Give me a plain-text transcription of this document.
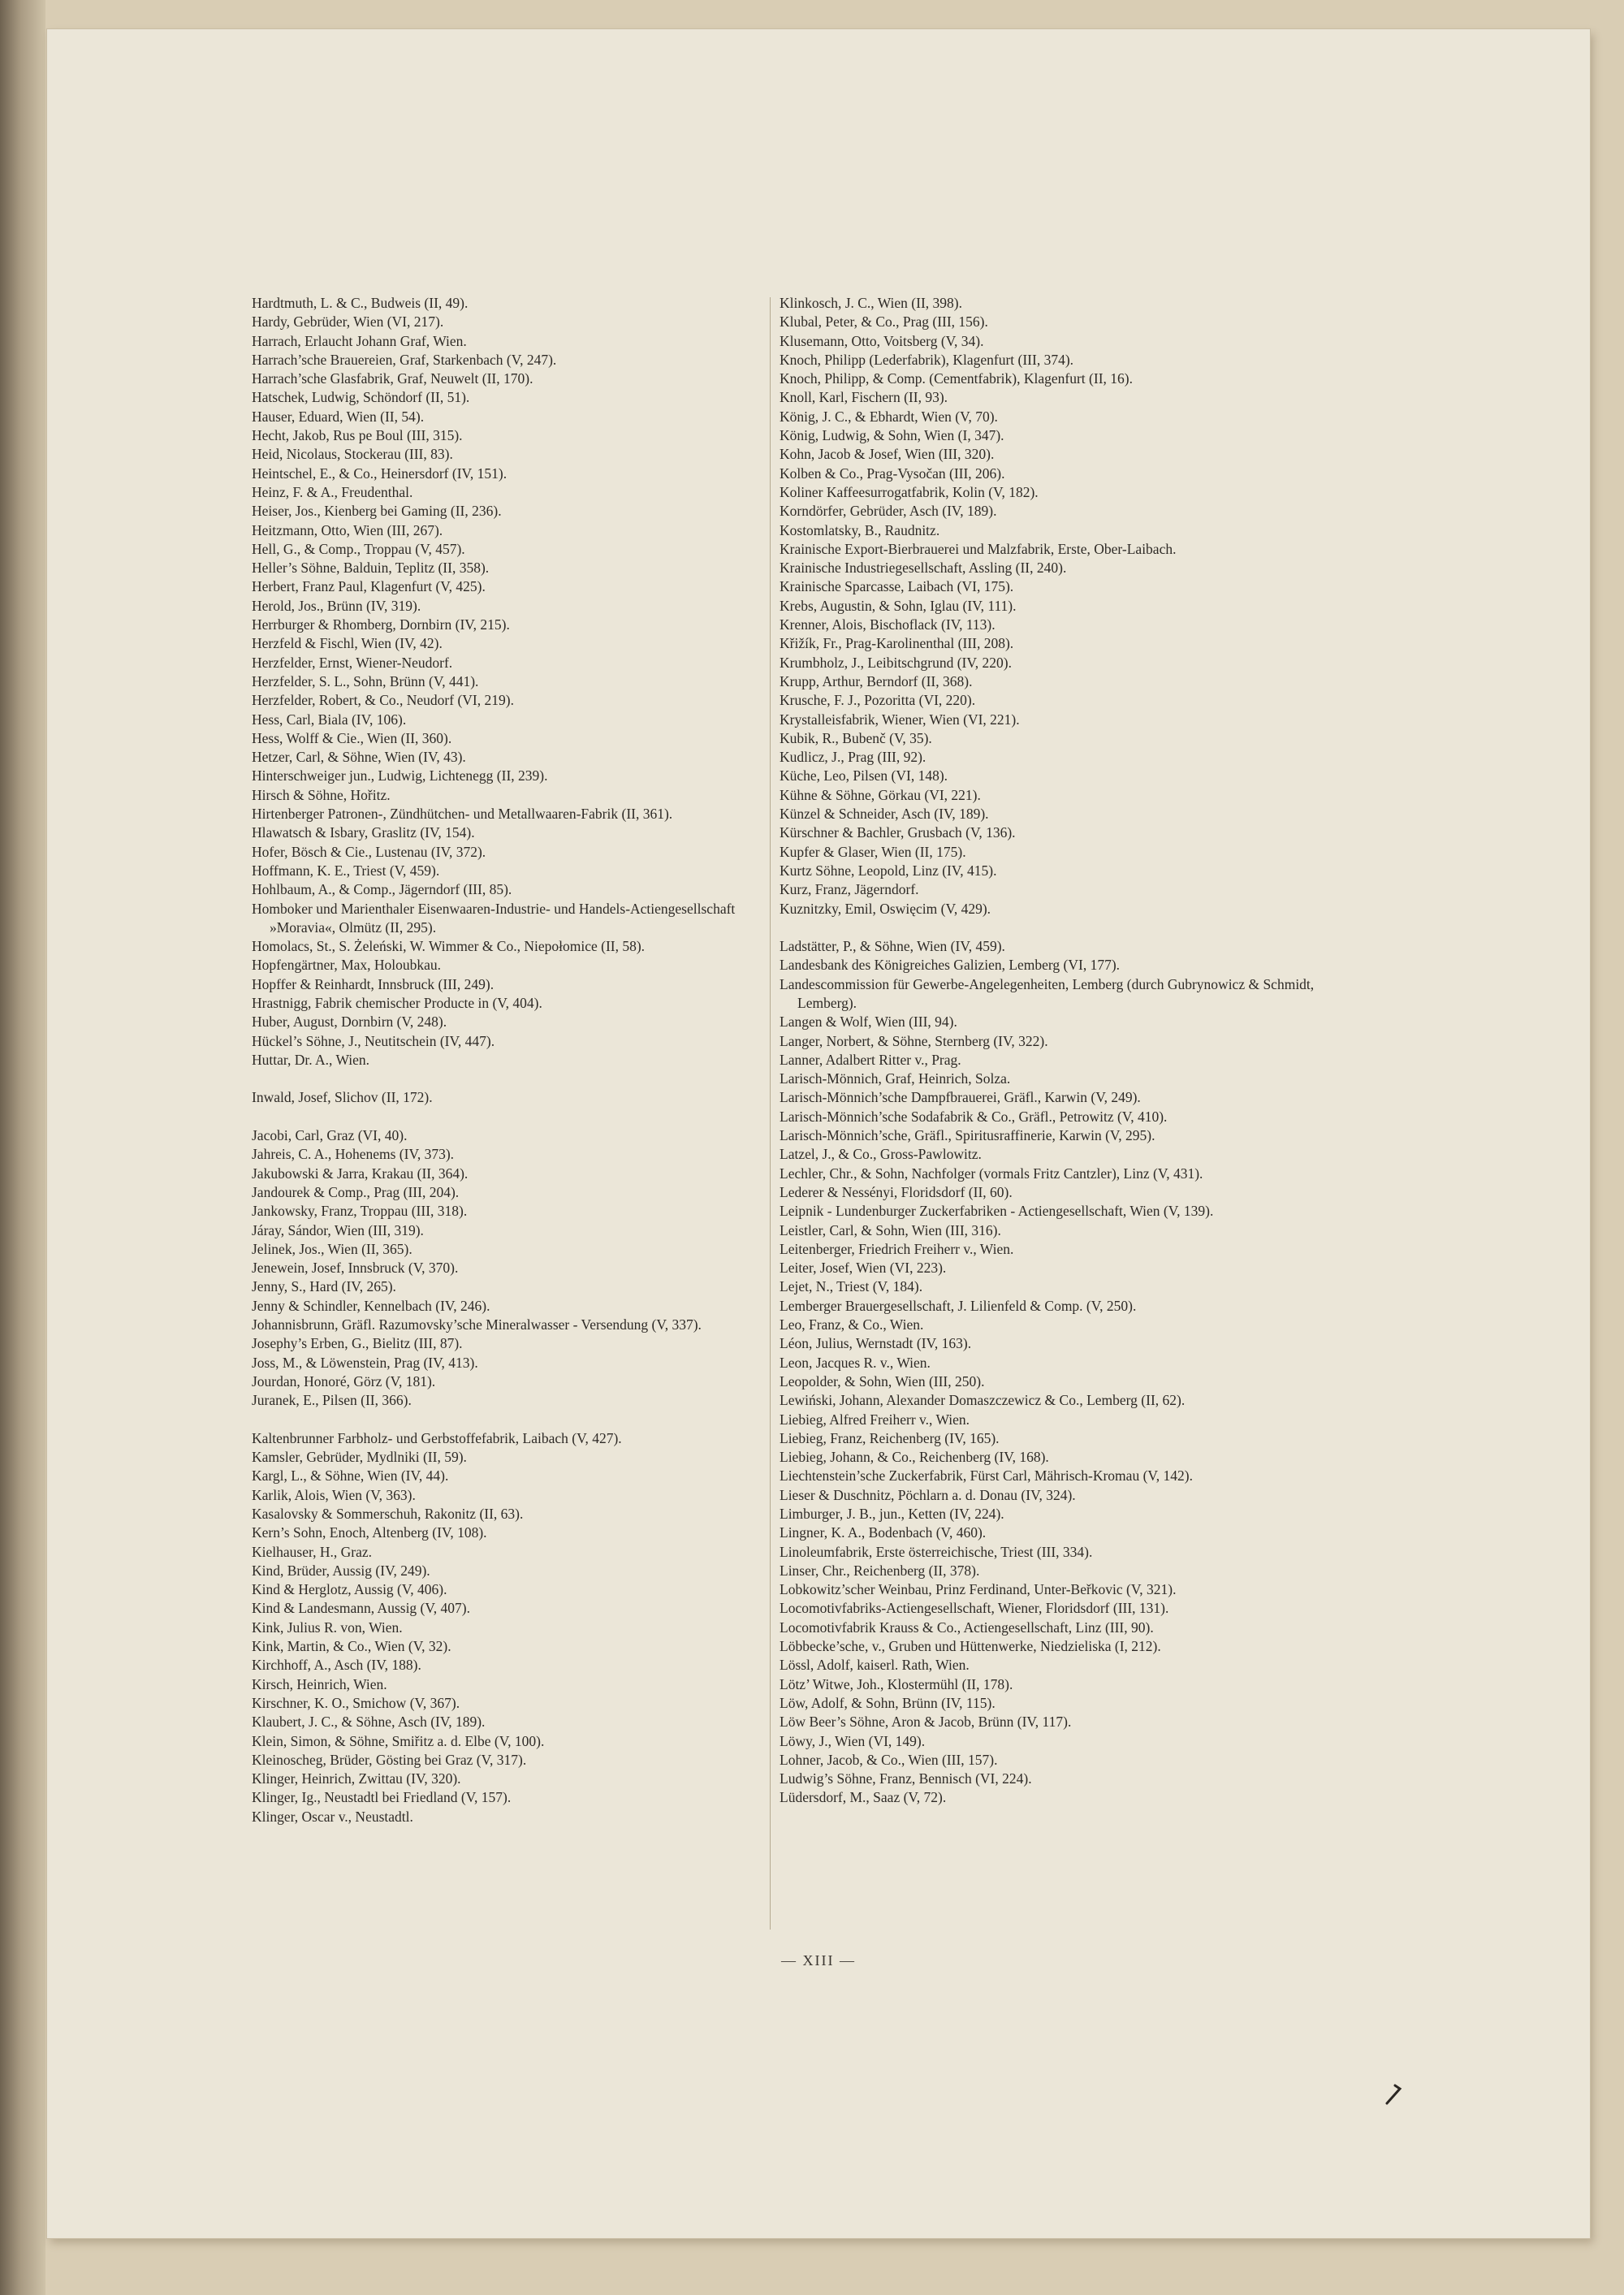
Hardtmuth, L. & C., Budweis (II, 49).
Hardy, Gebrüder, Wien (VI, 217).
Harrach, Erlaucht Johann Graf, Wien.
Harrach’sche Brauereien, Graf, Starkenbach (V, 247).
Harrach’sche Glasfabrik, Graf, Neuwelt (II, 170).
Hatschek, Ludwig, Schöndorf (II, 51).
Hauser, Eduard, Wien (II, 54).
Hecht, Jakob, Rus pe Boul (III, 315).
Heid, Nicolaus, Stockerau (III, 83).
Heintschel, E., & Co., Heinersdorf (IV, 151).
Heinz, F. & A., Freudenthal.
Heiser, Jos., Kienberg bei Gaming (II, 236).
Heitzmann, Otto, Wien (III, 267).
Hell, G., & Comp., Troppau (V, 457).
Heller’s Söhne, Balduin, Teplitz (II, 358).
Herbert, Franz Paul, Klagenfurt (V, 425).
Herold, Jos., Brünn (IV, 319).
Herrburger & Rhomberg, Dornbirn (IV, 215).
Herzfeld & Fischl, Wien (IV, 42).
Herzfelder, Ernst, Wiener-Neudorf.
Herzfelder, S. L., Sohn, Brünn (V, 441).
Herzfelder, Robert, & Co., Neudorf (VI, 219).
Hess, Carl, Biala (IV, 106).
Hess, Wolff & Cie., Wien (II, 360).
Hetzer, Carl, & Söhne, Wien (IV, 43).
Hinterschweiger jun., Ludwig, Lichtenegg (II, 239).
Hirsch & Söhne, Hořitz.
Hirtenberger Patronen-, Zündhütchen- und Metallwaaren-Fabrik (II, 361).
Hlawatsch & Isbary, Graslitz (IV, 154).
Hofer, Bösch & Cie., Lustenau (IV, 372).
Hoffmann, K. E., Triest (V, 459).
Hohlbaum, A., & Comp., Jägerndorf (III, 85).
Homboker und Marienthaler Eisenwaaren-Industrie- und Handels-Actiengesellschaft »Moravia«, Olmütz (II, 295).
Homolacs, St., S. Żeleński, W. Wimmer & Co., Niepołomice (II, 58).
Hopfengärtner, Max, Holoubkau.
Hopffer & Reinhardt, Innsbruck (III, 249).
Hrastnigg, Fabrik chemischer Producte in (V, 404).
Huber, August, Dornbirn (V, 248).
Hückel’s Söhne, J., Neutitschein (IV, 447).
Huttar, Dr. A., Wien.
Inwald, Josef, Slichov (II, 172).
Jacobi, Carl, Graz (VI, 40).
Jahreis, C. A., Hohenems (IV, 373).
Jakubowski & Jarra, Krakau (II, 364).
Jandourek & Comp., Prag (III, 204).
Jankowsky, Franz, Troppau (III, 318).
Járay, Sándor, Wien (III, 319).
Jelinek, Jos., Wien (II, 365).
Jenewein, Josef, Innsbruck (V, 370).
Jenny, S., Hard (IV, 265).
Jenny & Schindler, Kennelbach (IV, 246).
Johannisbrunn, Gräfl. Razumovsky’sche Mineralwasser - Versendung (V, 337).
Josephy’s Erben, G., Bielitz (III, 87).
Joss, M., & Löwenstein, Prag (IV, 413).
Jourdan, Honoré, Görz (V, 181).
Juranek, E., Pilsen (II, 366).
Kaltenbrunner Farbholz- und Gerbstoffefabrik, Laibach (V, 427).
Kamsler, Gebrüder, Mydlniki (II, 59).
Kargl, L., & Söhne, Wien (IV, 44).
Karlik, Alois, Wien (V, 363).
Kasalovsky & Sommerschuh, Rakonitz (II, 63).
Kern’s Sohn, Enoch, Altenberg (IV, 108).
Kielhauser, H., Graz.
Kind, Brüder, Aussig (IV, 249).
Kind & Herglotz, Aussig (V, 406).
Kind & Landesmann, Aussig (V, 407).
Kink, Julius R. von, Wien.
Kink, Martin, & Co., Wien (V, 32).
Kirchhoff, A., Asch (IV, 188).
Kirsch, Heinrich, Wien.
Kirschner, K. O., Smichow (V, 367).
Klaubert, J. C., & Söhne, Asch (IV, 189).
Klein, Simon, & Söhne, Smiřitz a. d. Elbe (V, 100).
Kleinoscheg, Brüder, Gösting bei Graz (V, 317).
Klinger, Heinrich, Zwittau (IV, 320).
Klinger, Ig., Neustadtl bei Friedland (V, 157).
Klinger, Oscar v., Neustadtl.
Klinkosch, J. C., Wien (II, 398).
Klubal, Peter, & Co., Prag (III, 156).
Klusemann, Otto, Voitsberg (V, 34).
Knoch, Philipp (Lederfabrik), Klagenfurt (III, 374).
Knoch, Philipp, & Comp. (Cementfabrik), Klagenfurt (II, 16).
Knoll, Karl, Fischern (II, 93).
König, J. C., & Ebhardt, Wien (V, 70).
König, Ludwig, & Sohn, Wien (I, 347).
Kohn, Jacob & Josef, Wien (III, 320).
Kolben & Co., Prag-Vysočan (III, 206).
Koliner Kaffeesurrogatfabrik, Kolin (V, 182).
Korndörfer, Gebrüder, Asch (IV, 189).
Kostomlatsky, B., Raudnitz.
Krainische Export-Bierbrauerei und Malzfabrik, Erste, Ober-Laibach.
Krainische Industriegesellschaft, Assling (II, 240).
Krainische Sparcasse, Laibach (VI, 175).
Krebs, Augustin, & Sohn, Iglau (IV, 111).
Krenner, Alois, Bischoflack (IV, 113).
Křižík, Fr., Prag-Karolinenthal (III, 208).
Krumbholz, J., Leibitschgrund (IV, 220).
Krupp, Arthur, Berndorf (II, 368).
Krusche, F. J., Pozoritta (VI, 220).
Krystalleisfabrik, Wiener, Wien (VI, 221).
Kubik, R., Bubenč (V, 35).
Kudlicz, J., Prag (III, 92).
Küche, Leo, Pilsen (VI, 148).
Kühne & Söhne, Görkau (VI, 221).
Künzel & Schneider, Asch (IV, 189).
Kürschner & Bachler, Grusbach (V, 136).
Kupfer & Glaser, Wien (II, 175).
Kurtz Söhne, Leopold, Linz (IV, 415).
Kurz, Franz, Jägerndorf.
Kuznitzky, Emil, Oswięcim (V, 429).
Ladstätter, P., & Söhne, Wien (IV, 459).
Landesbank des Königreiches Galizien, Lemberg (VI, 177).
Landescommission für Gewerbe-Angelegenheiten, Lemberg (durch Gubrynowicz & Schmidt, Lemberg).
Langen & Wolf, Wien (III, 94).
Langer, Norbert, & Söhne, Sternberg (IV, 322).
Lanner, Adalbert Ritter v., Prag.
Larisch-Mönnich, Graf, Heinrich, Solza.
Larisch-Mönnich’sche Dampfbrauerei, Gräfl., Karwin (V, 249).
Larisch-Mönnich’sche Sodafabrik & Co., Gräfl., Petrowitz (V, 410).
Larisch-Mönnich’sche, Gräfl., Spiritusraffinerie, Karwin (V, 295).
Latzel, J., & Co., Gross-Pawlowitz.
Lechler, Chr., & Sohn, Nachfolger (vormals Fritz Cantzler), Linz (V, 431).
Lederer & Nessényi, Floridsdorf (II, 60).
Leipnik - Lundenburger Zuckerfabriken - Actiengesellschaft, Wien (V, 139).
Leistler, Carl, & Sohn, Wien (III, 316).
Leitenberger, Friedrich Freiherr v., Wien.
Leiter, Josef, Wien (VI, 223).
Lejet, N., Triest (V, 184).
Lemberger Brauergesellschaft, J. Lilienfeld & Comp. (V, 250).
Leo, Franz, & Co., Wien.
Léon, Julius, Wernstadt (IV, 163).
Leon, Jacques R. v., Wien.
Leopolder, & Sohn, Wien (III, 250).
Lewiński, Johann, Alexander Domaszczewicz & Co., Lemberg (II, 62).
Liebieg, Alfred Freiherr v., Wien.
Liebieg, Franz, Reichenberg (IV, 165).
Liebieg, Johann, & Co., Reichenberg (IV, 168).
Liechtenstein’sche Zuckerfabrik, Fürst Carl, Mährisch-Kromau (V, 142).
Lieser & Duschnitz, Pöchlarn a. d. Donau (IV, 324).
Limburger, J. B., jun., Ketten (IV, 224).
Lingner, K. A., Bodenbach (V, 460).
Linoleumfabrik, Erste österreichische, Triest (III, 334).
Linser, Chr., Reichenberg (II, 378).
Lobkowitz’scher Weinbau, Prinz Ferdinand, Unter-Beřkovic (V, 321).
Locomotivfabriks-Actiengesellschaft, Wiener, Floridsdorf (III, 131).
Locomotivfabrik Krauss & Co., Actiengesellschaft, Linz (III, 90).
Löbbecke’sche, v., Gruben und Hüttenwerke, Niedzieliska (I, 212).
Lössl, Adolf, kaiserl. Rath, Wien.
Lötz’ Witwe, Joh., Klostermühl (II, 178).
Löw, Adolf, & Sohn, Brünn (IV, 115).
Löw Beer’s Söhne, Aron & Jacob, Brünn (IV, 117).
Löwy, J., Wien (VI, 149).
Lohner, Jacob, & Co., Wien (III, 157).
Ludwig’s Söhne, Franz, Bennisch (VI, 224).
Lüdersdorf, M., Saaz (V, 72).
— XIII —
